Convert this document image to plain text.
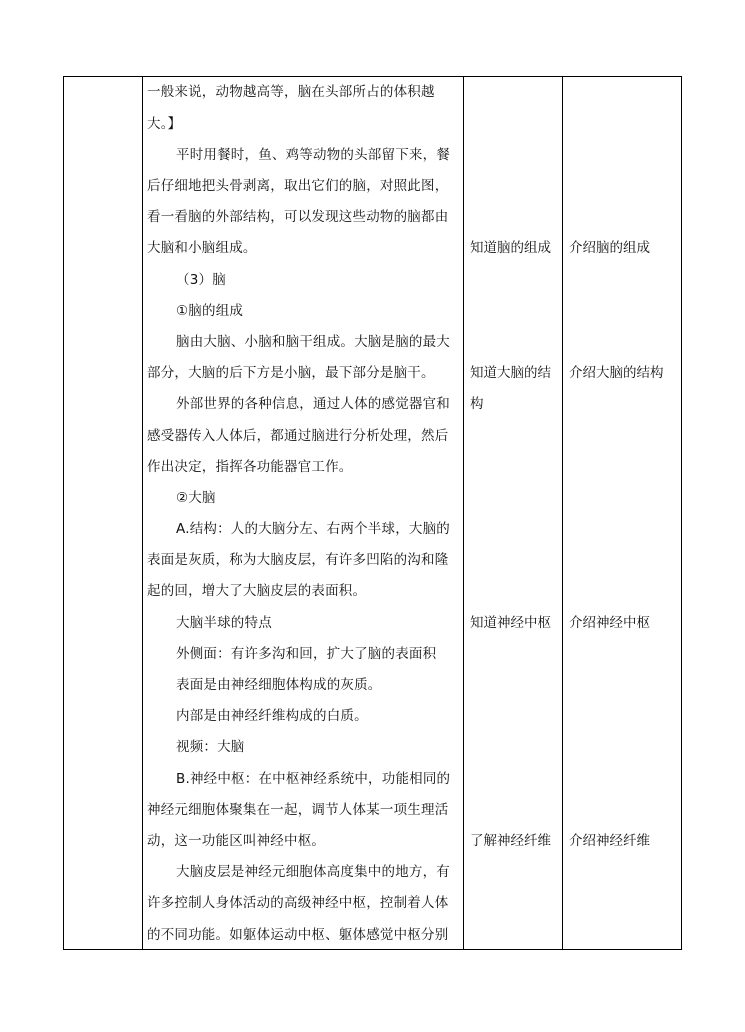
一般来说，动物越高等，脑在头部所占的体积越
大。】
平时用餐时，鱼、鸡等动物的头部留下来，餐
后仔细地把头骨剥离，取出它们的脑，对照此图，
看一看脑的外部结构，可以发现这些动物的脑都由
大脑和小脑组成。
（3）脑
①脑的组成
脑由大脑、小脑和脑干组成。大脑是脑的最大
部分，大脑的后下方是小脑，最下部分是脑干。
外部世界的各种信息，通过人体的感觉器官和
感受器传入人体后，都通过脑进行分析处理，然后
作出决定，指挥各功能器官工作。
②大脑
A.结构：人的大脑分左、右两个半球，大脑的
表面是灰质，称为大脑皮层，有许多凹陷的沟和隆
起的回，增大了大脑皮层的表面积。
大脑半球的特点
外侧面：有许多沟和回，扩大了脑的表面积
表面是由神经细胞体构成的灰质。
内部是由神经纤维构成的白质。
视频：大脑
B.神经中枢：在中枢神经系统中，功能相同的
神经元细胞体聚集在一起，调节人体某一项生理活
动，这一功能区叫神经中枢。
大脑皮层是神经元细胞体高度集中的地方，有
许多控制人身体活动的高级神经中枢，控制着人体
的不同功能。如躯体运动中枢、躯体感觉中枢分别
知道脑的组成
知道大脑的结
构
知道神经中枢
了解神经纤维
介绍脑的组成
介绍大脑的结构
介绍神经中枢
介绍神经纤维
